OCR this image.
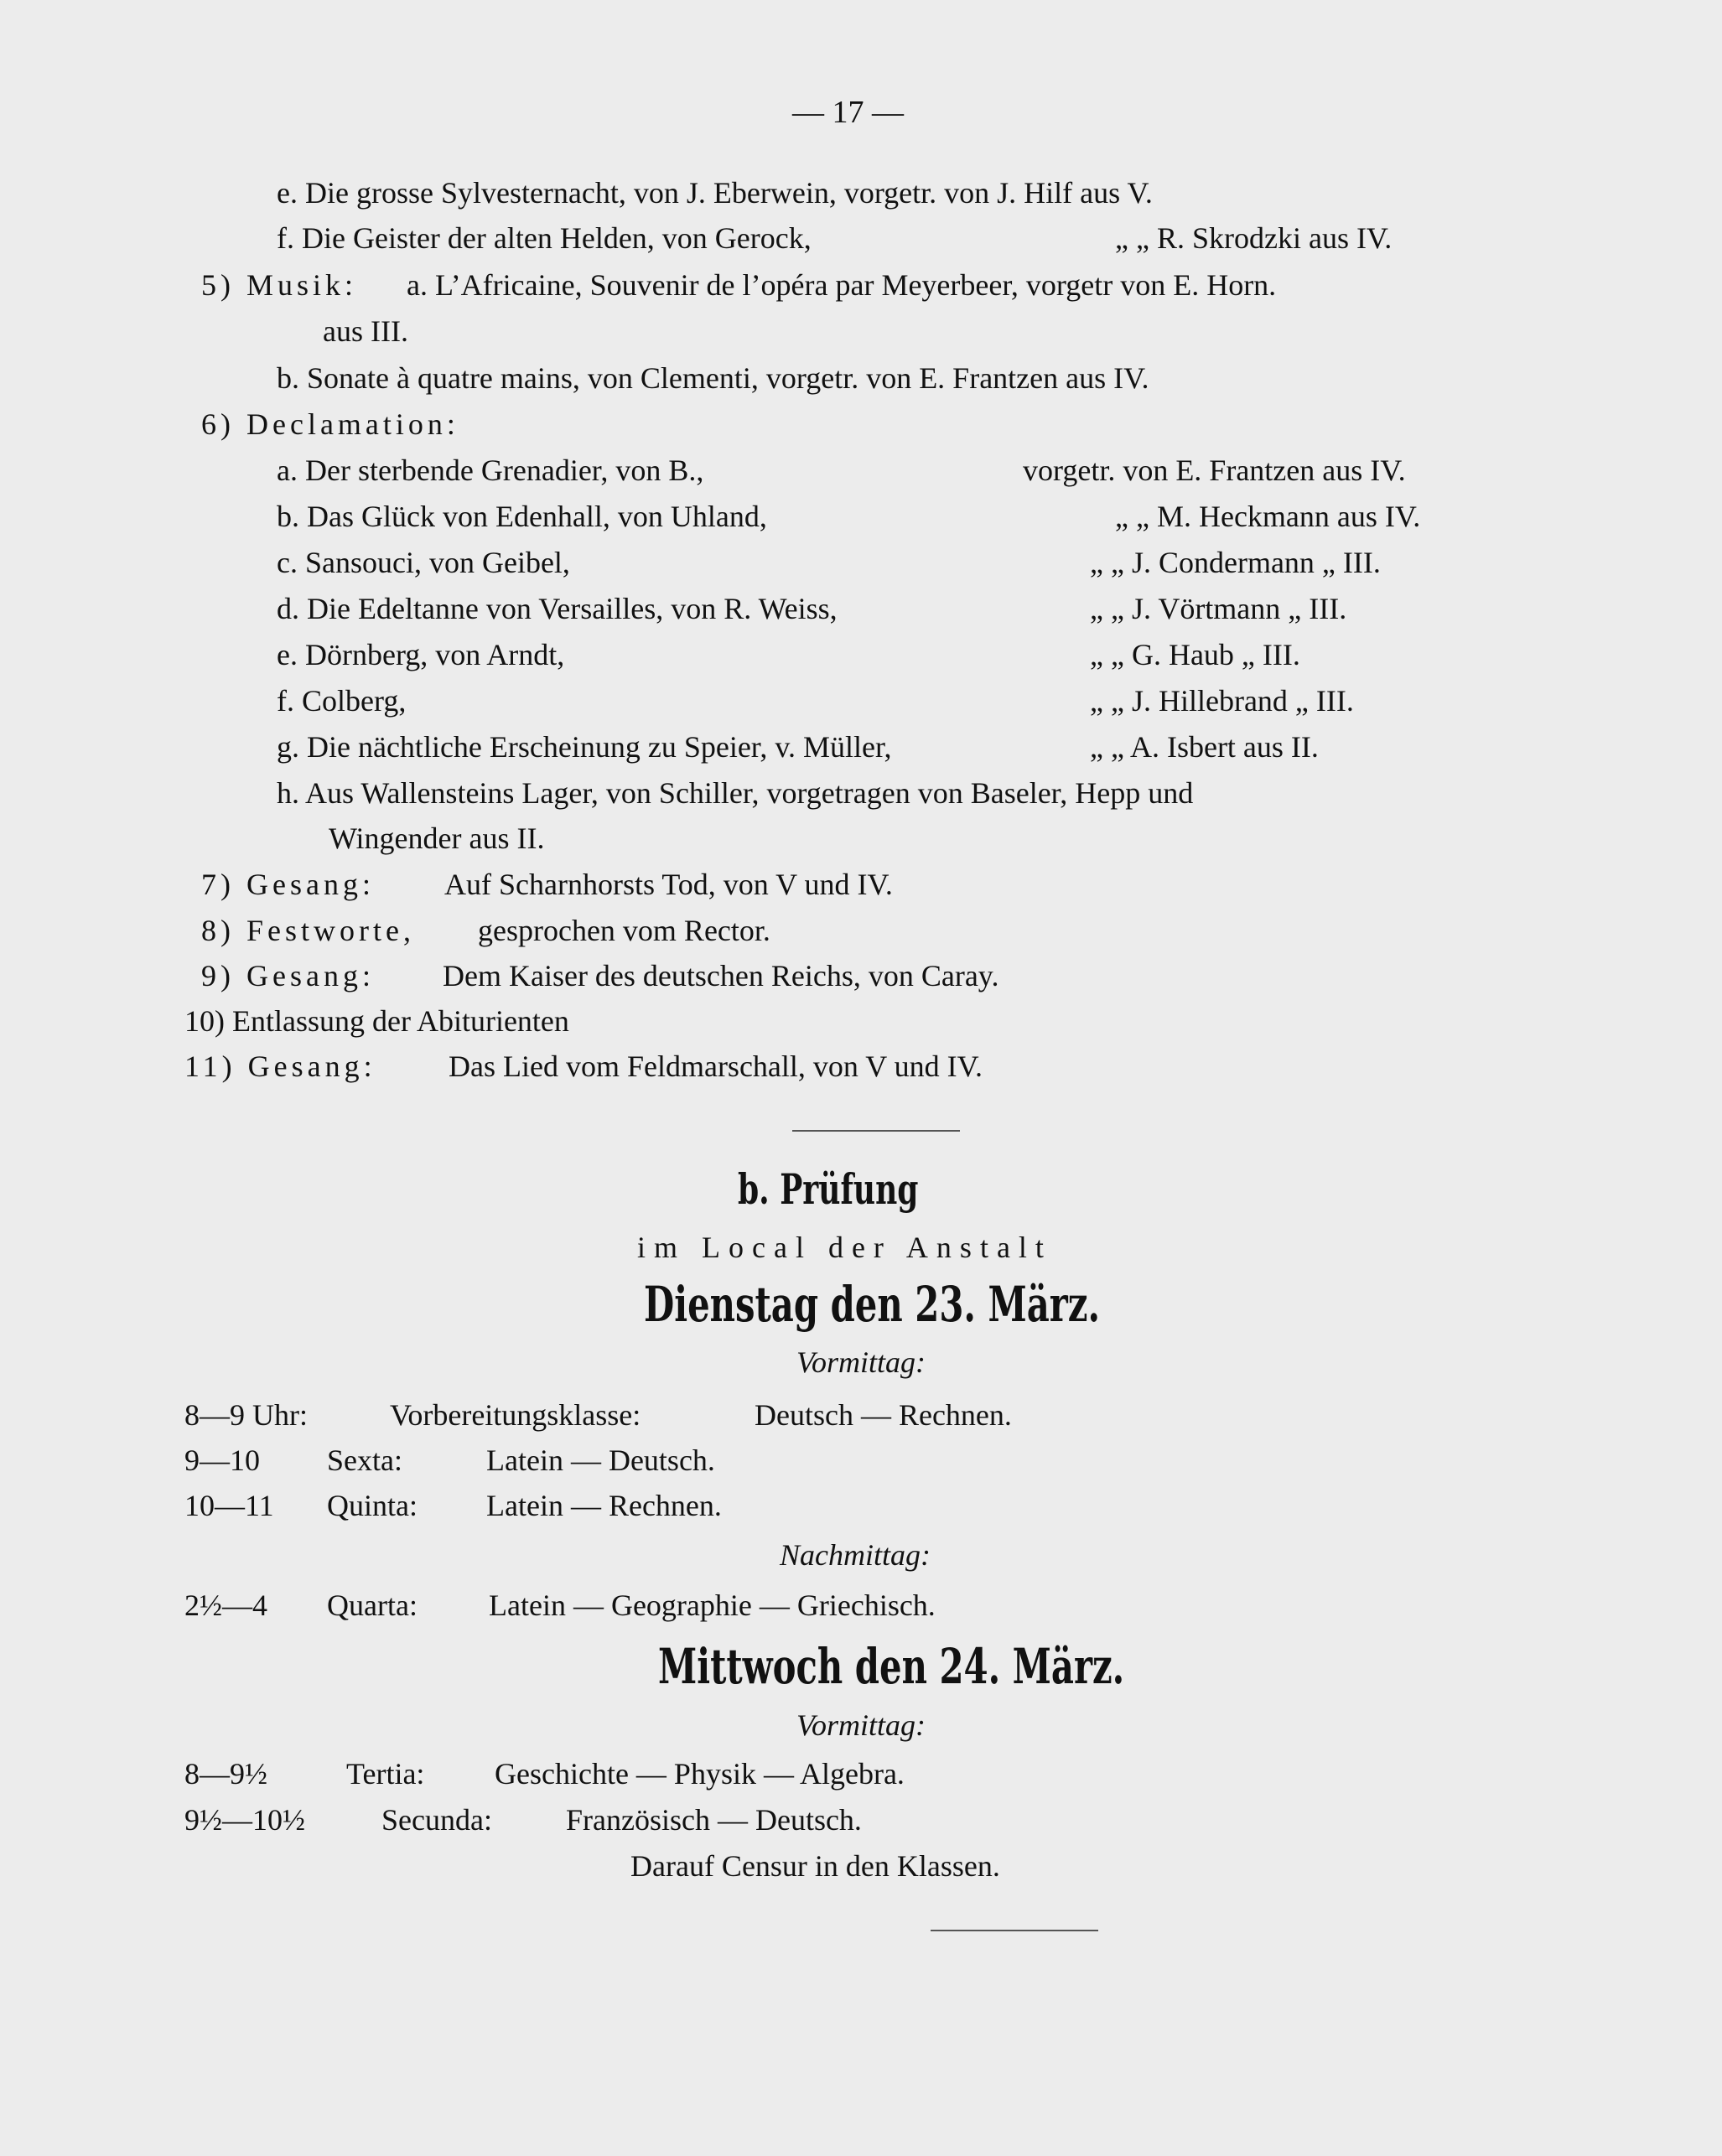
— 17 —
e. Die grosse Sylvesternacht, von J. Eberwein, vorgetr. von J. Hilf aus V.
f. Die Geister der alten Helden, von Gerock,	„ „ R. Skrodzki aus IV.
5) Musik: a. L’Africaine, Souvenir de l’opéra par Meyerbeer, vorgetr von E. Horn.
aus III.
b. Sonate à quatre mains, von Clementi, vorgetr. von E. Frantzen aus IV.
6) Declamation:
a. Der sterbende Grenadier, von B.,	vorgetr. von E. Frantzen aus IV.
b. Das Glück von Edenhall, von Uhland,	„ „ M. Heckmann aus IV.
c. Sansouci, von Geibel,	„ „ J. Condermann „ III.
d. Die Edeltanne von Versailles, von R. Weiss,	„ „ J. Vörtmann „ III.
e. Dörnberg, von Arndt,	„ „ G. Haub „ III.
f. Colberg,	„ „ J. Hillebrand „ III.
g. Die nächtliche Erscheinung zu Speier, v. Müller,	„ „ A. Isbert aus II.
h. Aus Wallensteins Lager, von Schiller, vorgetragen von Baseler, Hepp und
Wingender aus II.
7) Gesang: Auf Scharnhorsts Tod, von V und IV.
8) Festworte, gesprochen vom Rector.
9) Gesang: Dem Kaiser des deutschen Reichs, von Caray.
10) Entlassung der Abiturienten
11) Gesang: Das Lied vom Feldmarschall, von V und IV.
b. Prüfung
im Local der Anstalt
Dienstag den 23. März.
Vormittag:
8—9 Uhr:	Vorbereitungsklasse:	Deutsch — Rechnen.
9—10 Sexta:	Latein — Deutsch.
10—11 Quinta: Latein — Rechnen.
Nachmittag:
2½—4 Quarta: Latein — Geographie — Griechisch.
Mittwoch den 24. März.
Vormittag:
8—9½	Tertia: Geschichte — Physik — Algebra.
9½—10½	Secunda: Französisch — Deutsch.
Darauf Censur in den Klassen.
